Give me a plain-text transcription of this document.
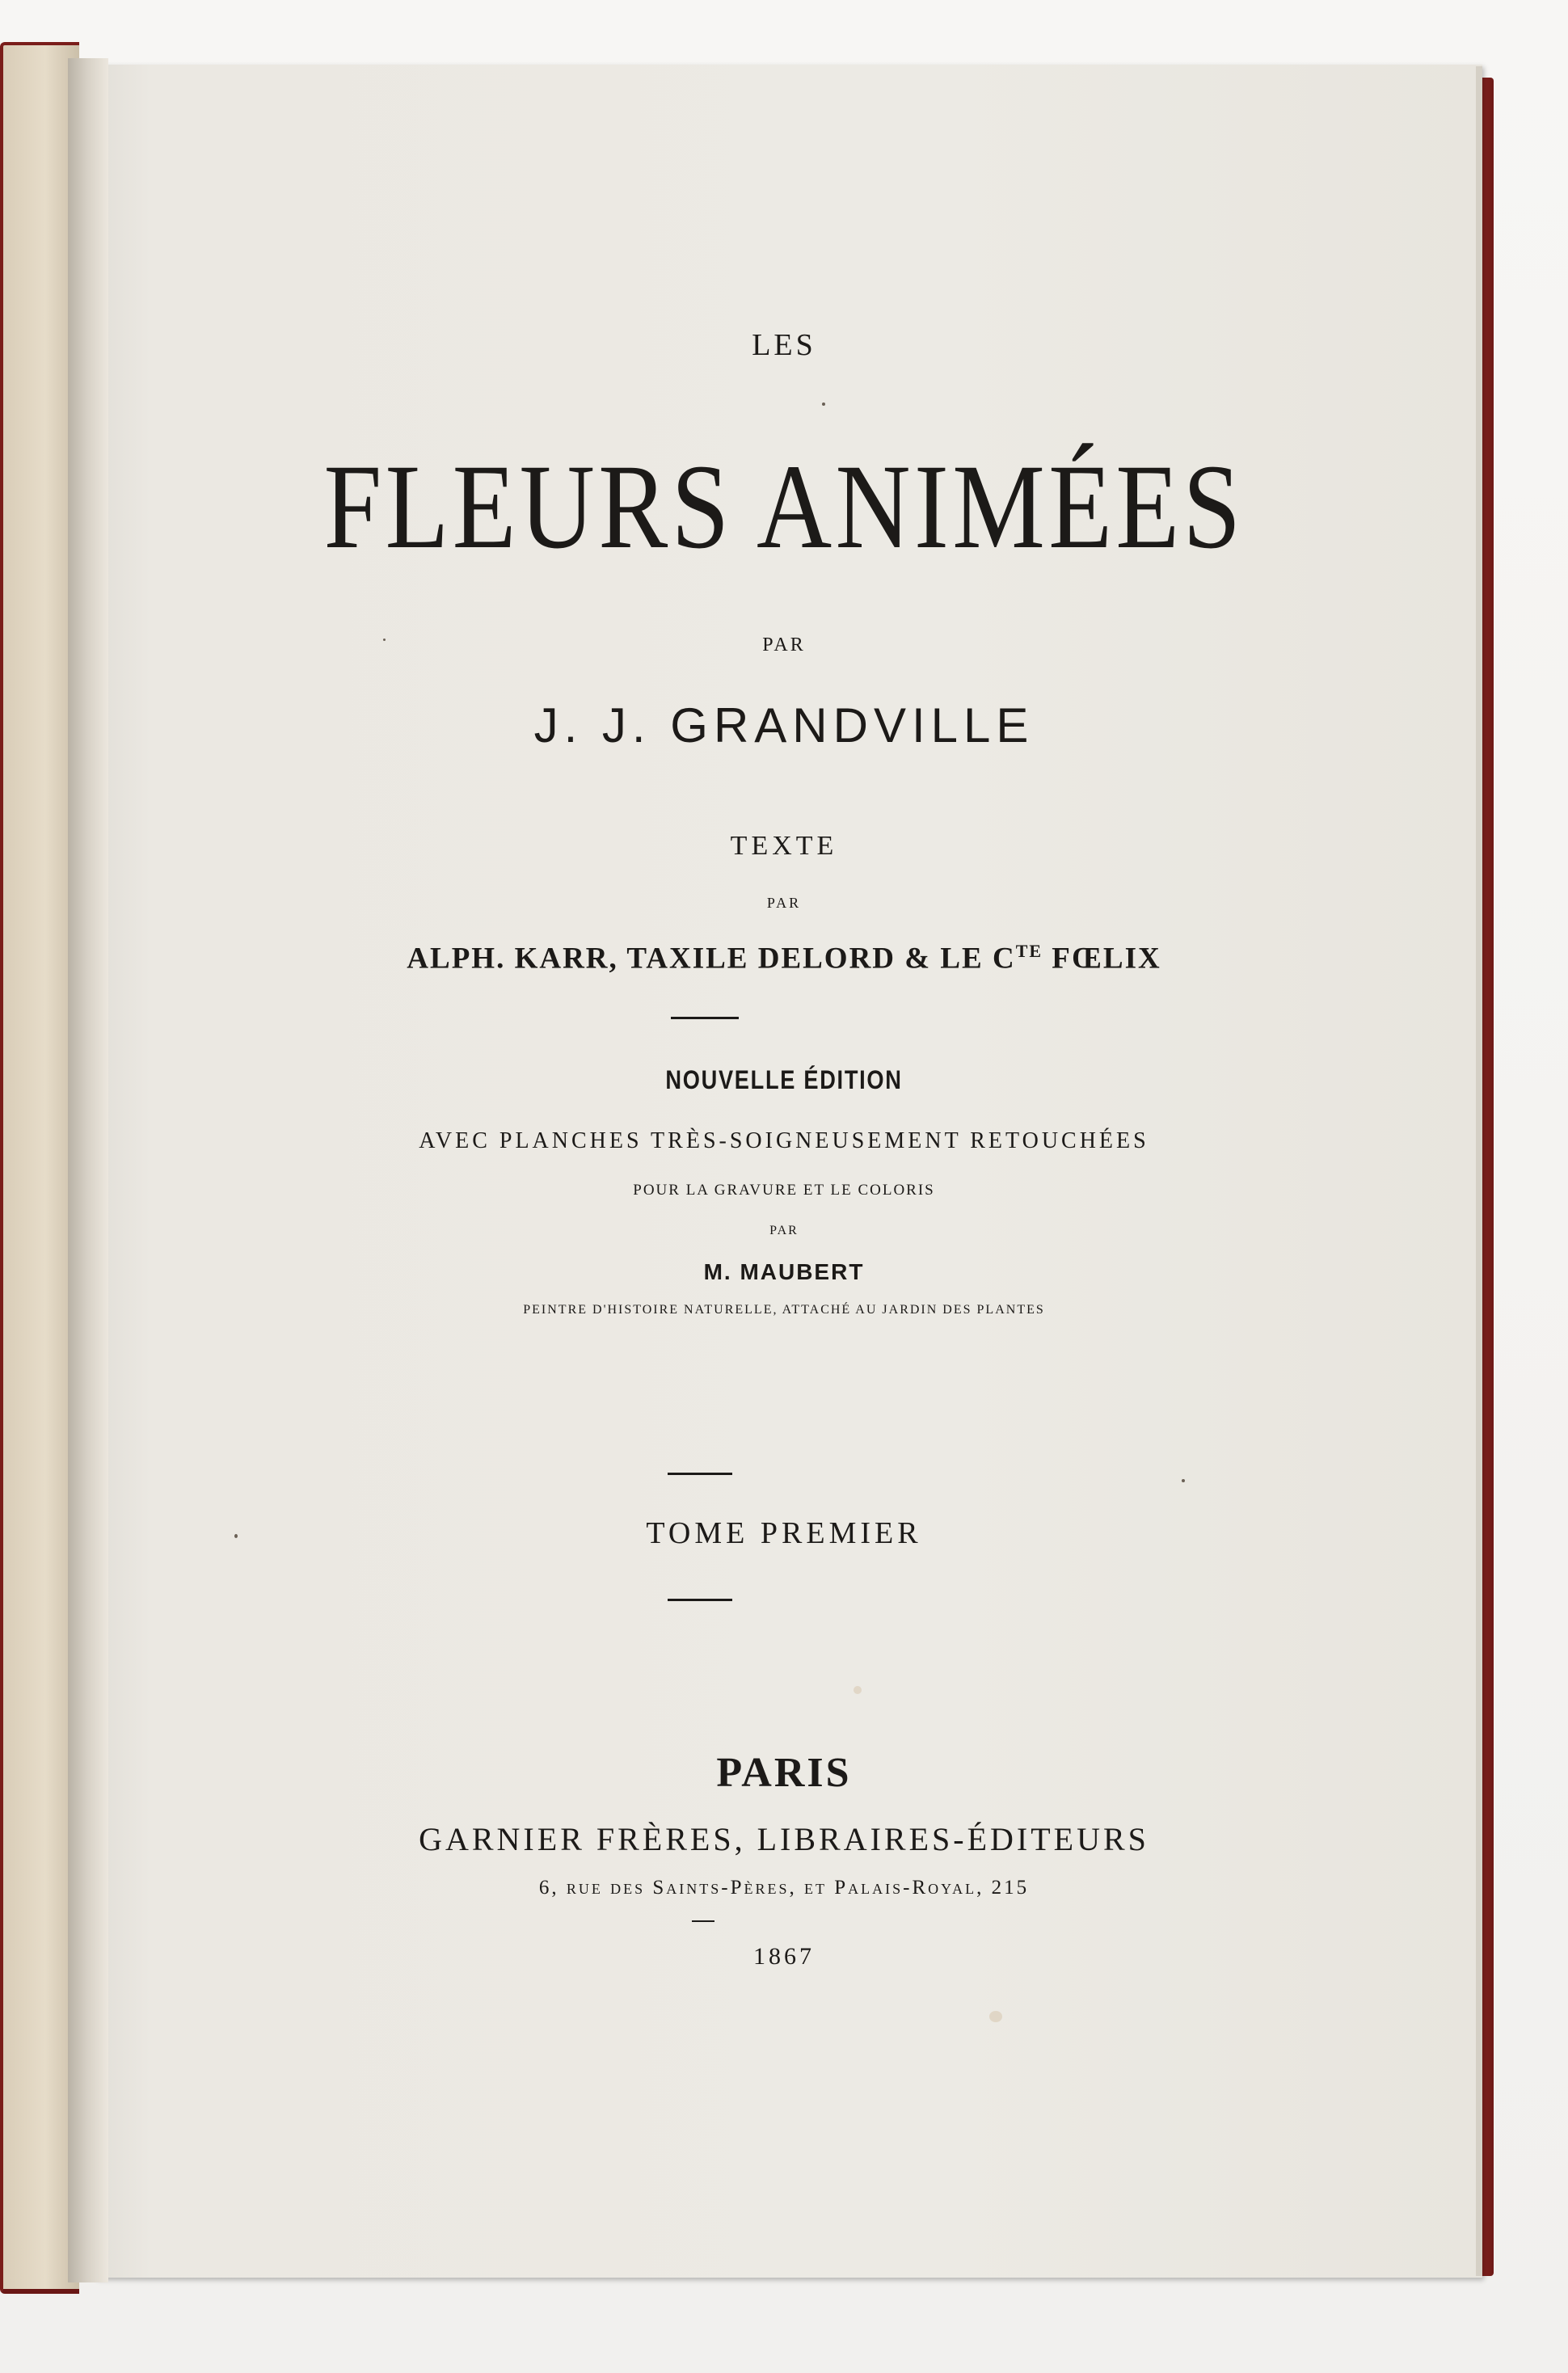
LES
FLEURS ANIMÉES
PAR
J. J. GRANDVILLE
TEXTE
PAR
ALPH. KARR, TAXILE DELORD & LE $C^{TE}$ FŒLIX
NOUVELLE ÉDITION
AVEC PLANCHES TRÈS-SOIGNEUSEMENT RETOUCHÉES
POUR LA GRAVURE ET LE COLORIS
PAR
M. MAUBERT
PEINTRE D'HISTOIRE NATURELLE, ATTACHÉ AU JARDIN DES PLANTES
TOME PREMIER
PARIS
GARNIER FRÈRES, LIBRAIRES-ÉDITEURS
6, rue des Saints-Pères, et Palais-Royal, 215
1867
